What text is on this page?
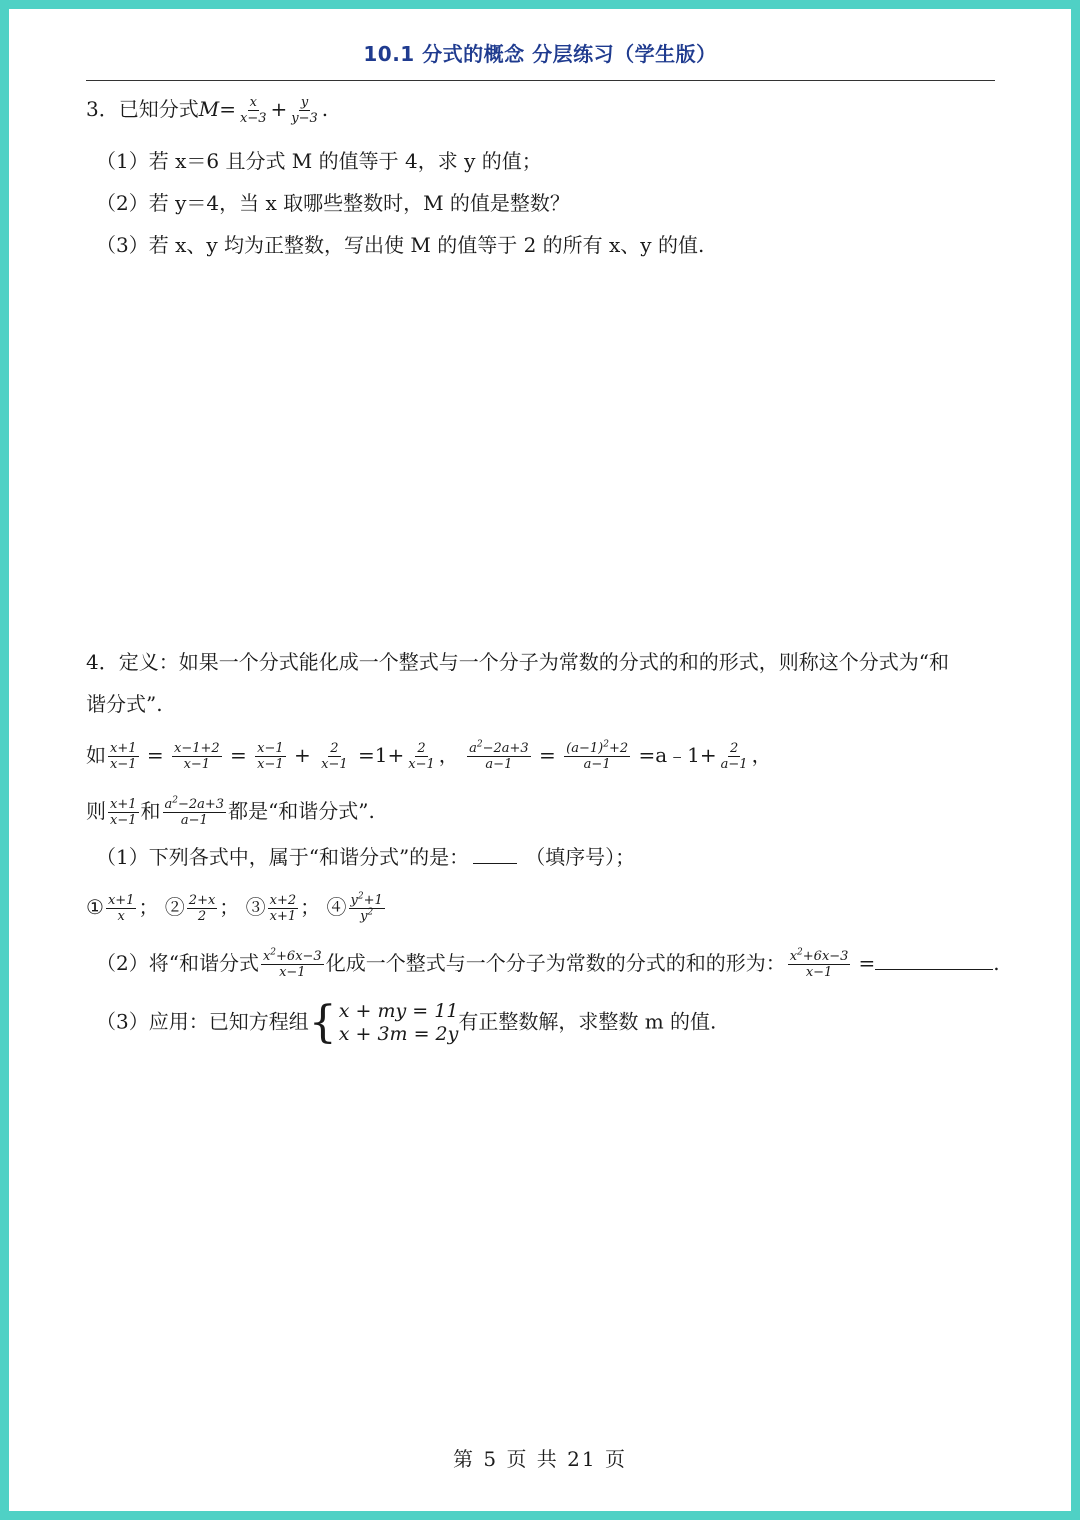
10.1 分式的概念 分层练习（学生版）
3．已知分式$M= \frac{x}{x-3} + \frac{y}{y-3}$ .
（1）若 x＝6 且分式 M 的值等于 4，求 y 的值；
（2）若 y＝4，当 x 取哪些整数时，M 的值是整数？
（3）若 x、y 均为正整数，写出使 M 的值等于 2 的所有 x、y 的值.
4．定义：如果一个分式能化成一个整式与一个分子为常数的分式的和的形式，则称这个分式为“和
谐分式”.
如 $\frac{x+1}{x-1} = \frac{x-1+2}{x-1} = \frac{x-1}{x-1} + \frac{2}{x-1} =1+ \frac{2}{x-1}$ ， $\frac{a^2-2a+3}{a-1} = \frac{(a-1)^2+2}{a-1}$ =a﹣1+ $\frac{2}{a-1}$ ，
则 $\frac{x+1}{x-1}$ 和 $\frac{a^2-2a+3}{a-1}$ 都是“和谐分式”.
（1）下列各式中，属于“和谐分式”的是：	（填序号）；
① $\frac{x+1}{x}$ ； ② $\frac{2+x}{2}$ ； ③ $\frac{x+2}{x+1}$ ； ④ $\frac{y^2+1}{y^2}$
（2）将“和谐分式 $\frac{x^2+6x-3}{x-1}$ 化成一个整式与一个分子为常数的分式的和的形为： $\frac{x^2+6x-3}{x-1}$ =	.
（3）应用：已知方程组 { x + my = 11
x + 3m = 2y
有正整数解，求整数 m 的值.
第 5 页 共 21 页
